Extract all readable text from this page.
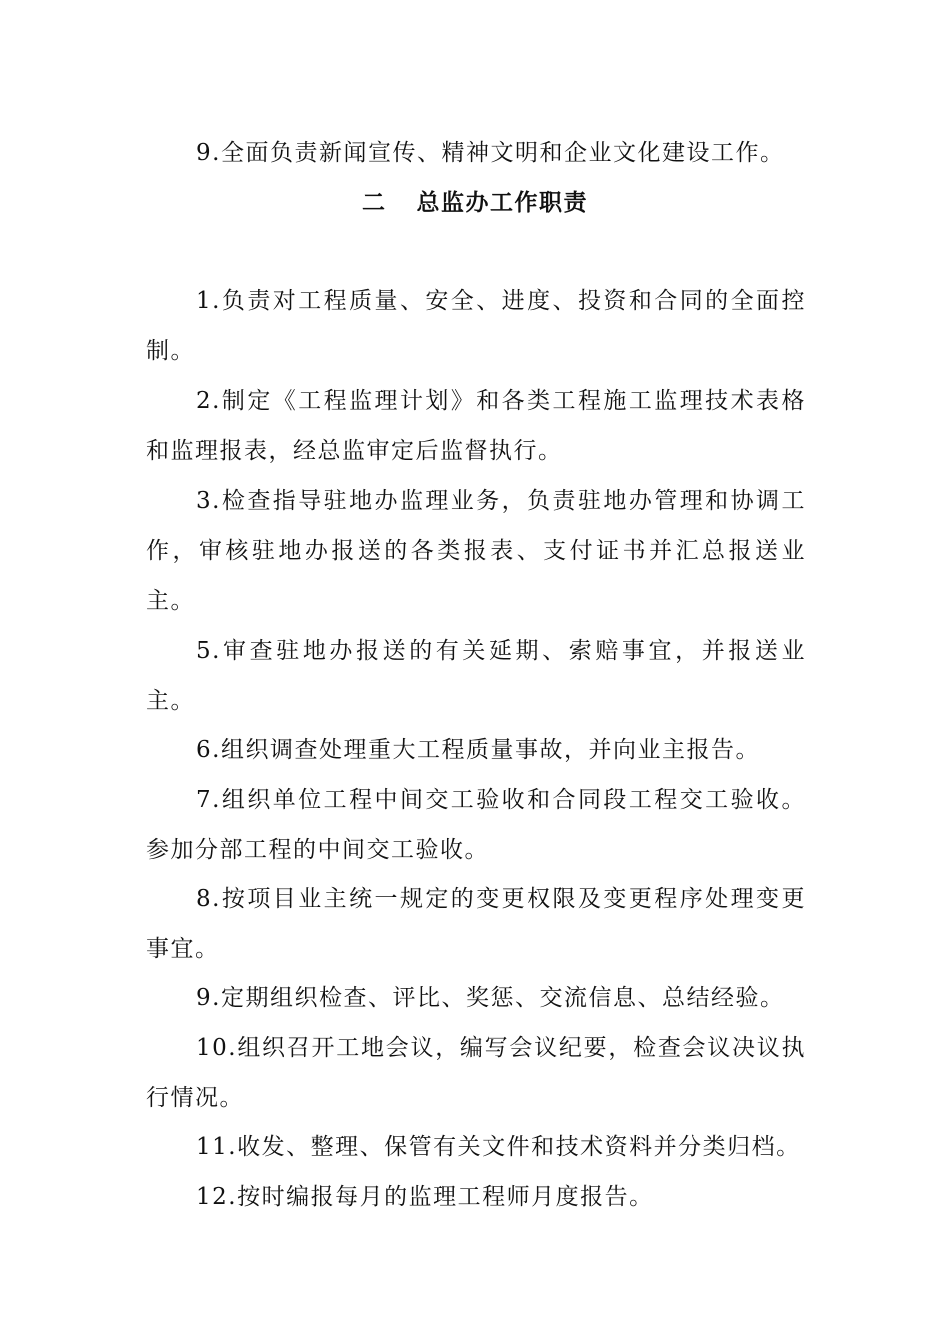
9.全面负责新闻宣传、精神文明和企业文化建设工作。

二 总监办工作职责

1.负责对工程质量、安全、进度、投资和合同的全面控制。

2.制定《工程监理计划》和各类工程施工监理技术表格和监理报表，经总监审定后监督执行。

3.检查指导驻地办监理业务，负责驻地办管理和协调工作，审核驻地办报送的各类报表、支付证书并汇总报送业主。

5.审查驻地办报送的有关延期、索赔事宜，并报送业主。

6.组织调查处理重大工程质量事故，并向业主报告。

7.组织单位工程中间交工验收和合同段工程交工验收。参加分部工程的中间交工验收。

8.按项目业主统一规定的变更权限及变更程序处理变更事宜。

9.定期组织检查、评比、奖惩、交流信息、总结经验。

10.组织召开工地会议，编写会议纪要，检查会议决议执行情况。

11.收发、整理、保管有关文件和技术资料并分类归档。

12.按时编报每月的监理工程师月度报告。
